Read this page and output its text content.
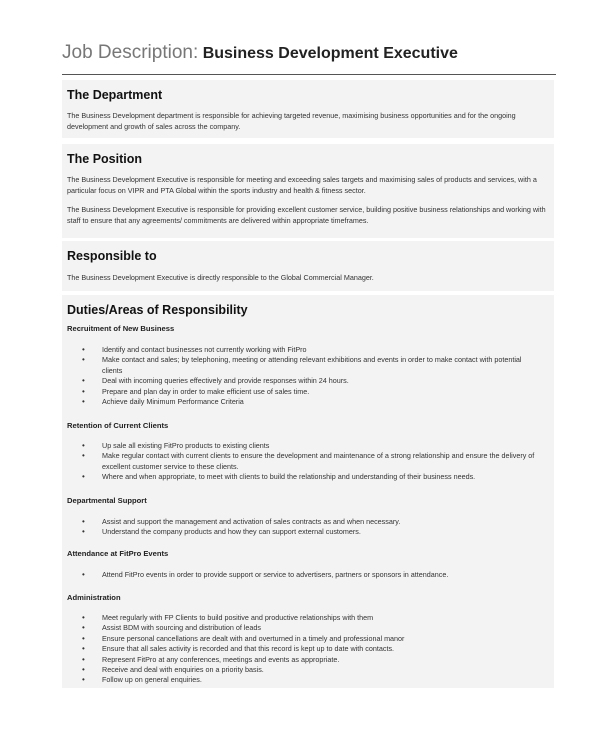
Job Description: Business Development Executive
The Department

The Business Development department is responsible for achieving targeted revenue, maximising business opportunities and for the ongoing development and growth of sales across the company.

The Position

The Business Development Executive is responsible for meeting and exceeding sales targets and maximising sales of products and services, with a particular focus on VIPR and PTA Global within the sports industry and health & fitness sector.

The Business Development Executive is responsible for providing excellent customer service, building positive business relationships and working with staff to ensure that any agreements/ commitments are delivered within appropriate timeframes.

Responsible to

The Business Development Executive is directly responsible to the Global Commercial Manager.

Duties/Areas of Responsibility
Recruitment of New Business
• Identify and contact businesses not currently working with FitPro
• Make contact and sales; by telephoning, meeting or attending relevant exhibitions and events in order to make contact with potential clients
• Deal with incoming queries effectively and provide responses within 24 hours.
• Prepare and plan day in order to make efficient use of sales time.
• Achieve daily Minimum Performance Criteria
Retention of Current Clients
• Up sale all existing FitPro products to existing clients
• Make regular contact with current clients to ensure the development and maintenance of a strong relationship and ensure the delivery of excellent customer service to these clients.
• Where and when appropriate, to meet with clients to build the relationship and understanding of their business needs.
Departmental Support
• Assist and support the management and activation of sales contracts as and when necessary.
• Understand the company products and how they can support external customers.
Attendance at FitPro Events
• Attend FitPro events in order to provide support or service to advertisers, partners or sponsors in attendance.
Administration
• Meet regularly with FP Clients to build positive and productive relationships with them
• Assist BDM with sourcing and distribution of leads
• Ensure personal cancellations are dealt with and overturned in a timely and professional manor
• Ensure that all sales activity is recorded and that this record is kept up to date with contacts.
• Represent FitPro at any conferences, meetings and events as appropriate.
• Receive and deal with enquiries on a priority basis.
• Follow up on general enquiries.
